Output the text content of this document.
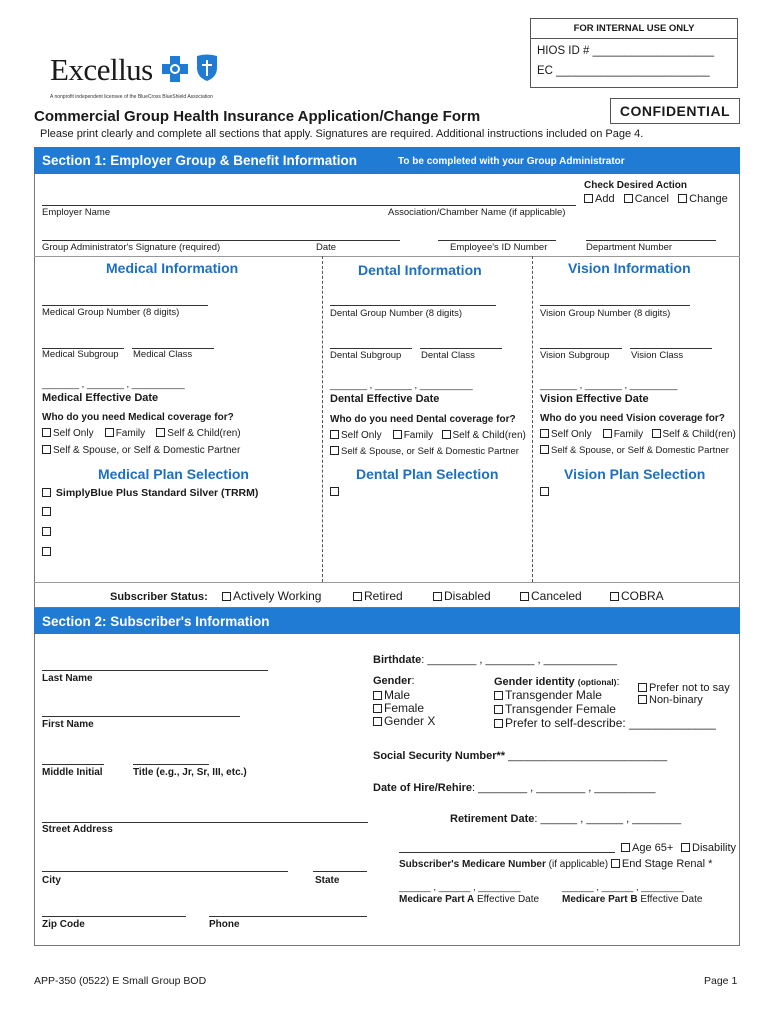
FOR INTERNAL USE ONLY
HIOS ID # ___________________
EC ________________________
Excellus
A nonprofit independent licensee of the BlueCross BlueShield Association
CONFIDENTIAL
Commercial Group Health Insurance Application/Change Form
Please print clearly and complete all sections that apply. Signatures are required. Additional instructions included on Page 4.
Section 1: Employer Group & Benefit Information	To be completed with your Group Administrator
Employer Name	Association/Chamber Name (if applicable)
Check Desired Action
Add Cancel Change
Group Administrator's Signature (required)	Date	Employee's ID Number	Department Number
Medical Information
Medical Group Number (8 digits)
Medical Subgroup Medical Class
_______ , _______ , __________
Medical Effective Date
Who do you need Medical coverage for?
Self Only Family Self & Child(ren)
Self & Spouse, or Self & Domestic Partner
Medical Plan Selection
SimplyBlue Plus Standard Silver (TRRM)
Dental Information
Dental Group Number (8 digits)
Dental Subgroup Dental Class
_______ , _______ , __________
Dental Effective Date
Who do you need Dental coverage for?
Self Only Family Self & Child(ren)
Self & Spouse, or Self & Domestic Partner
Dental Plan Selection
Vision Information
Vision Group Number (8 digits)
Vision Subgroup Vision Class
_______ , _______ , _________
Vision Effective Date
Who do you need Vision coverage for?
Self Only Family Self & Child(ren)
Self & Spouse, or Self & Domestic Partner
Vision Plan Selection
Subscriber Status:	Actively Working	Retired	Disabled	Canceled	COBRA
Section 2: Subscriber's Information
Last Name
First Name
Middle Initial	Title (e.g., Jr, Sr, III, etc.)
Street Address
City	State
Zip Code	Phone
Birthdate: ________ , ________ , ____________
Gender:
Male
Female
Gender X
Gender identity (optional):
Transgender Male
Transgender Female
Prefer to self-describe: _____________
Prefer not to say
Non-binary
Social Security Number** __________________________
Date of Hire/Rehire: ________ , ________ , __________
Retirement Date: ______ , ______ , ________
Age 65+	Disability
Subscriber's Medicare Number (if applicable) End Stage Renal *
______ , ______ , ________	______ , ______ , ________
Medicare Part A Effective Date Medicare Part B Effective Date
APP-350 (0522) E Small Group BOD	Page 1
